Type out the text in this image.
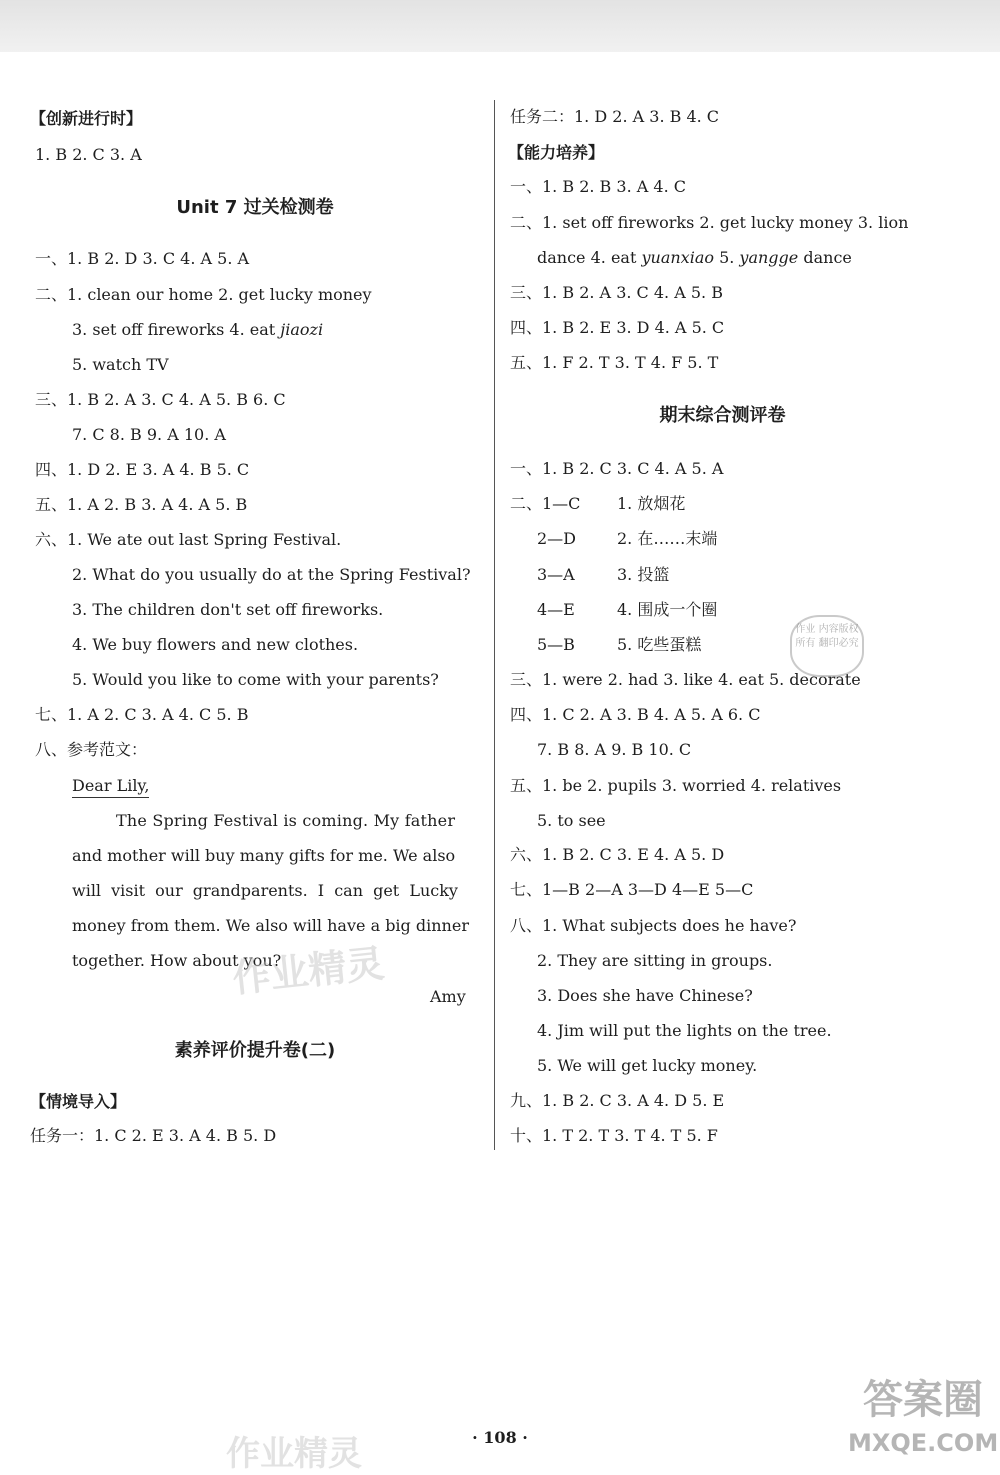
【创新进行时】
1. B 2. C 3. A
Unit 7 过关检测卷
一、1. B 2. D 3. C 4. A 5. A
二、1. clean our home 2. get lucky money
3. set off fireworks 4. eat jiaozi
5. watch TV
三、1. B 2. A 3. C 4. A 5. B 6. C
7. C 8. B 9. A 10. A
四、1. D 2. E 3. A 4. B 5. C
五、1. A 2. B 3. A 4. A 5. B
六、1. We ate out last Spring Festival.
2. What do you usually do at the Spring Festival?
3. The children don't set off fireworks.
4. We buy flowers and new clothes.
5. Would you like to come with your parents?
七、1. A 2. C 3. A 4. C 5. B
八、参考范文：
Dear Lily,
The Spring Festival is coming. My father
and mother will buy many gifts for me. We also
will visit our grandparents. I can get Lucky
money from them. We also will have a big dinner
together. How about you?
Amy
素养评价提升卷(二)
【情境导入】
任务一：1. C 2. E 3. A 4. B 5. D
任务二：1. D 2. A 3. B 4. C
【能力培养】
一、1. B 2. B 3. A 4. C
二、1. set off fireworks 2. get lucky money 3. lion
dance 4. eat yuanxiao 5. yangge dance
三、1. B 2. A 3. C 4. A 5. B
四、1. B 2. E 3. D 4. A 5. C
五、1. F 2. T 3. T 4. F 5. T
期末综合测评卷
一、1. B 2. C 3. C 4. A 5. A
二、1—C 1. 放烟花
2—D	2. 在……末端
3—A	3. 投篮
4—E	4. 围成一个圈
5—B	5. 吃些蛋糕
三、1. were 2. had 3. like 4. eat 5. decorate
四、1. C 2. A 3. B 4. A 5. A 6. C
7. B 8. A 9. B 10. C
五、1. be 2. pupils 3. worried 4. relatives
5. to see
六、1. B 2. C 3. E 4. A 5. D
七、1—B 2—A 3—D 4—E 5—C
八、1. What subjects does he have?
2. They are sitting in groups.
3. Does she have Chinese?
4. Jim will put the lights on the tree.
5. We will get lucky money.
九、1. B 2. C 3. A 4. D 5. E
十、1. T 2. T 3. T 4. T 5. F
作业精灵
作业精灵
作业 内容版权所有 翻印必究
答案圈
MXQE.COM
· 108 ·
